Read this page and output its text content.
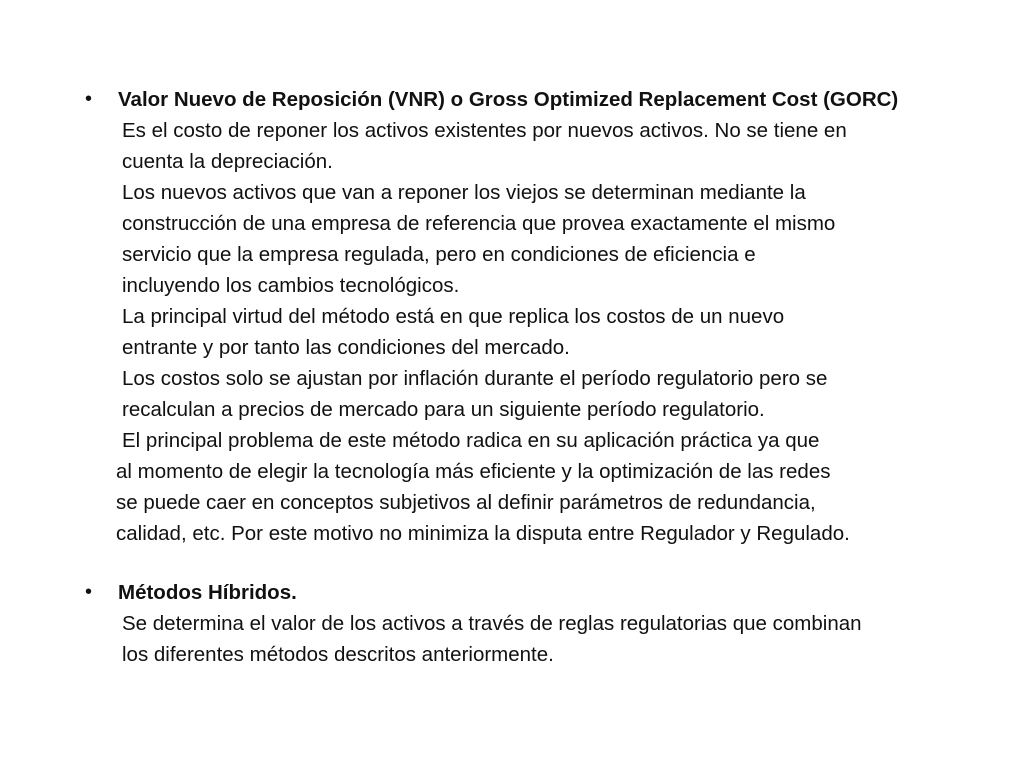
• Valor Nuevo de Reposición (VNR) o Gross Optimized Replacement Cost (GORC)
Es el costo de reponer los activos existentes por nuevos activos. No se tiene en
cuenta la depreciación.
Los nuevos activos que van a reponer los viejos se determinan mediante la
construcción de una empresa de referencia que provea exactamente el mismo
servicio que la empresa regulada, pero en condiciones de eficiencia e
incluyendo los cambios tecnológicos.
La principal virtud del método está en que replica los costos de un nuevo
entrante y por tanto las condiciones del mercado.
Los costos solo se ajustan por inflación durante el período regulatorio pero se
recalculan a precios de mercado para un siguiente período regulatorio.
El principal problema de este método radica en su aplicación práctica ya que
al momento de elegir la tecnología más eficiente y la optimización de las redes
se puede caer en conceptos subjetivos al definir parámetros de redundancia,
calidad, etc. Por este motivo no minimiza la disputa entre Regulador y Regulado.
• Métodos Híbridos.
Se determina el valor de los activos a través de reglas regulatorias que combinan
los diferentes métodos descritos anteriormente.
